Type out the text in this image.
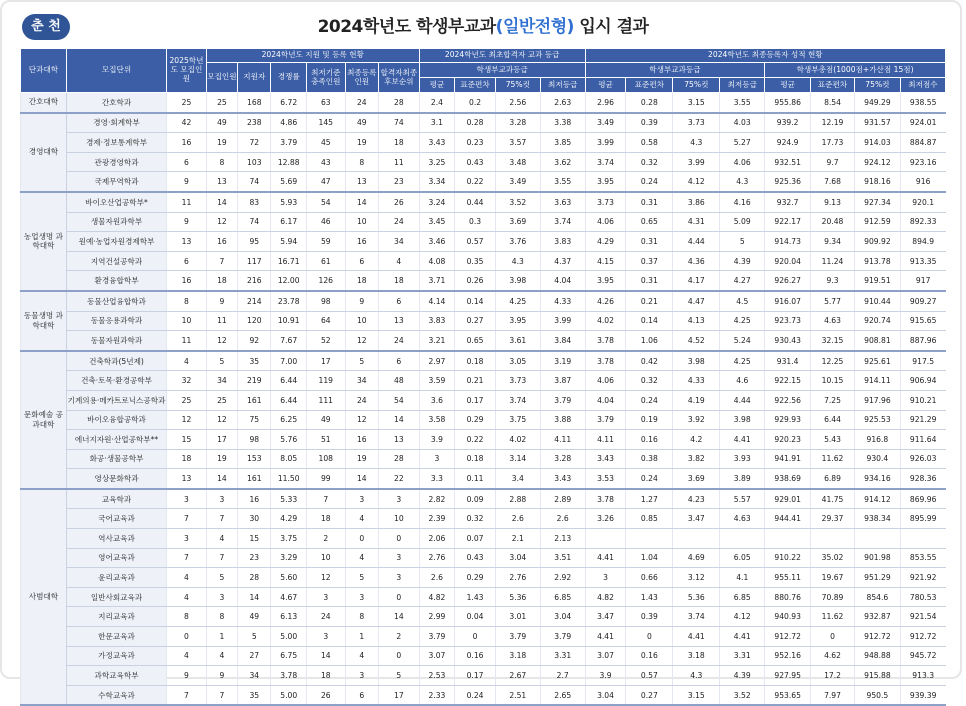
춘 천	2024학년도 학생부교과(일반전형) 입시 결과
단과대학	모집단위	2025학년도 모집인원	2024학년도 지원 및 등록 현황						2024학년도 최초합격자 교과 등급				2024학년도 최종등록자 성적 현황							
			모집인원	지원자	경쟁률	최저기준 충족인원	최종등록 인원	합격자최종 후보순위	학생부교과등급				학생부교과등급				학생부총점(1000점+가산점 15점)			
									평균	표준편차	75%컷	최저등급	평균	표준편차	75%컷	최저등급	평균	표준편차	75%컷	최저점수
간호대학	간호학과	25	25	168	6.72	63	24	28	2.4	0.2	2.56	2.63	2.96	0.28	3.15	3.55	955.86	8.54	949.29	938.55
경영대학	경영·회계학부	42	49	238	4.86	145	49	74	3.1	0.28	3.28	3.38	3.49	0.39	3.73	4.03	939.2	12.19	931.57	924.01
	경제·정보통계학부	16	19	72	3.79	45	19	18	3.43	0.23	3.57	3.85	3.99	0.58	4.3	5.27	924.9	17.73	914.03	884.87
	관광경영학과	6	8	103	12.88	43	8	11	3.25	0.43	3.48	3.62	3.74	0.32	3.99	4.06	932.51	9.7	924.12	923.16
	국제무역학과	9	13	74	5.69	47	13	23	3.34	0.22	3.49	3.55	3.95	0.24	4.12	4.3	925.36	7.68	918.16	916
농업생명 과학대학	바이오산업공학부*	11	14	83	5.93	54	14	26	3.24	0.44	3.52	3.63	3.73	0.31	3.86	4.16	932.7	9.13	927.34	920.1
	생물자원과학부	9	12	74	6.17	46	10	24	3.45	0.3	3.69	3.74	4.06	0.65	4.31	5.09	922.17	20.48	912.59	892.33
	원예·농업자원경제학부	13	16	95	5.94	59	16	34	3.46	0.57	3.76	3.83	4.29	0.31	4.44	5	914.73	9.34	909.92	894.9
	지역건설공학과	6	7	117	16.71	61	6	4	4.08	0.35	4.3	4.37	4.15	0.37	4.36	4.39	920.04	11.24	913.78	913.35
	환경융합학부	16	18	216	12.00	126	18	18	3.71	0.26	3.98	4.04	3.95	0.31	4.17	4.27	926.27	9.3	919.51	917
동물생명 과학대학	동물산업융합학과	8	9	214	23.78	98	9	6	4.14	0.14	4.25	4.33	4.26	0.21	4.47	4.5	916.07	5.77	910.44	909.27
	동물응용과학과	10	11	120	10.91	64	10	13	3.83	0.27	3.95	3.99	4.02	0.14	4.13	4.25	923.73	4.63	920.74	915.65
	동물자원과학과	11	12	92	7.67	52	12	24	3.21	0.65	3.61	3.84	3.78	1.06	4.52	5.24	930.43	32.15	908.81	887.96
문화예술 공과대학	건축학과(5년제)	4	5	35	7.00	17	5	6	2.97	0.18	3.05	3.19	3.78	0.42	3.98	4.25	931.4	12.25	925.61	917.5
	건축·토목·환경공학부	32	34	219	6.44	119	34	48	3.59	0.21	3.73	3.87	4.06	0.32	4.33	4.6	922.15	10.15	914.11	906.94
	기계의용·메카트로닉스공학과	25	25	161	6.44	111	24	54	3.6	0.17	3.74	3.79	4.04	0.24	4.19	4.44	922.56	7.25	917.96	910.21
	바이오융합공학과	12	12	75	6.25	49	12	14	3.58	0.29	3.75	3.88	3.79	0.19	3.92	3.98	929.93	6.44	925.53	921.29
	에너지자원·산업공학부**	15	17	98	5.76	51	16	13	3.9	0.22	4.02	4.11	4.11	0.16	4.2	4.41	920.23	5.43	916.8	911.64
	화공·생물공학부	18	19	153	8.05	108	19	28	3	0.18	3.14	3.28	3.43	0.38	3.82	3.93	941.91	11.62	930.4	926.03
	영상문화학과	13	14	161	11.50	99	14	22	3.3	0.11	3.4	3.43	3.53	0.24	3.69	3.89	938.69	6.89	934.16	928.36
사범대학	교육학과	3	3	16	5.33	7	3	3	2.82	0.09	2.88	2.89	3.78	1.27	4.23	5.57	929.01	41.75	914.12	869.96
	국어교육과	7	7	30	4.29	18	4	10	2.39	0.32	2.6	2.6	3.26	0.85	3.47	4.63	944.41	29.37	938.34	895.99
	역사교육과	3	4	15	3.75	2	0	0	2.06	0.07	2.1	2.13								
	영어교육과	7	7	23	3.29	10	4	3	2.76	0.43	3.04	3.51	4.41	1.04	4.69	6.05	910.22	35.02	901.98	853.55
	윤리교육과	4	5	28	5.60	12	5	3	2.6	0.29	2.76	2.92	3	0.66	3.12	4.1	955.11	19.67	951.29	921.92
	일반사회교육과	4	3	14	4.67	3	3	0	4.82	1.43	5.36	6.85	4.82	1.43	5.36	6.85	880.76	70.89	854.6	780.53
	지리교육과	8	8	49	6.13	24	8	14	2.99	0.04	3.01	3.04	3.47	0.39	3.74	4.12	940.93	11.62	932.87	921.54
	한문교육과	0	1	5	5.00	3	1	2	3.79	0	3.79	3.79	4.41	0	4.41	4.41	912.72	0	912.72	912.72
	가정교육과	4	4	27	6.75	14	4	0	3.07	0.16	3.18	3.31	3.07	0.16	3.18	3.31	952.16	4.62	948.88	945.72
	과학교육학부	9	9	34	3.78	18	3	5	2.53	0.17	2.67	2.7	3.9	0.57	4.3	4.39	927.95	17.2	915.88	913.3
	수학교육과	7	7	35	5.00	26	6	17	2.33	0.24	2.51	2.65	3.04	0.27	3.15	3.52	953.65	7.97	950.5	939.39
